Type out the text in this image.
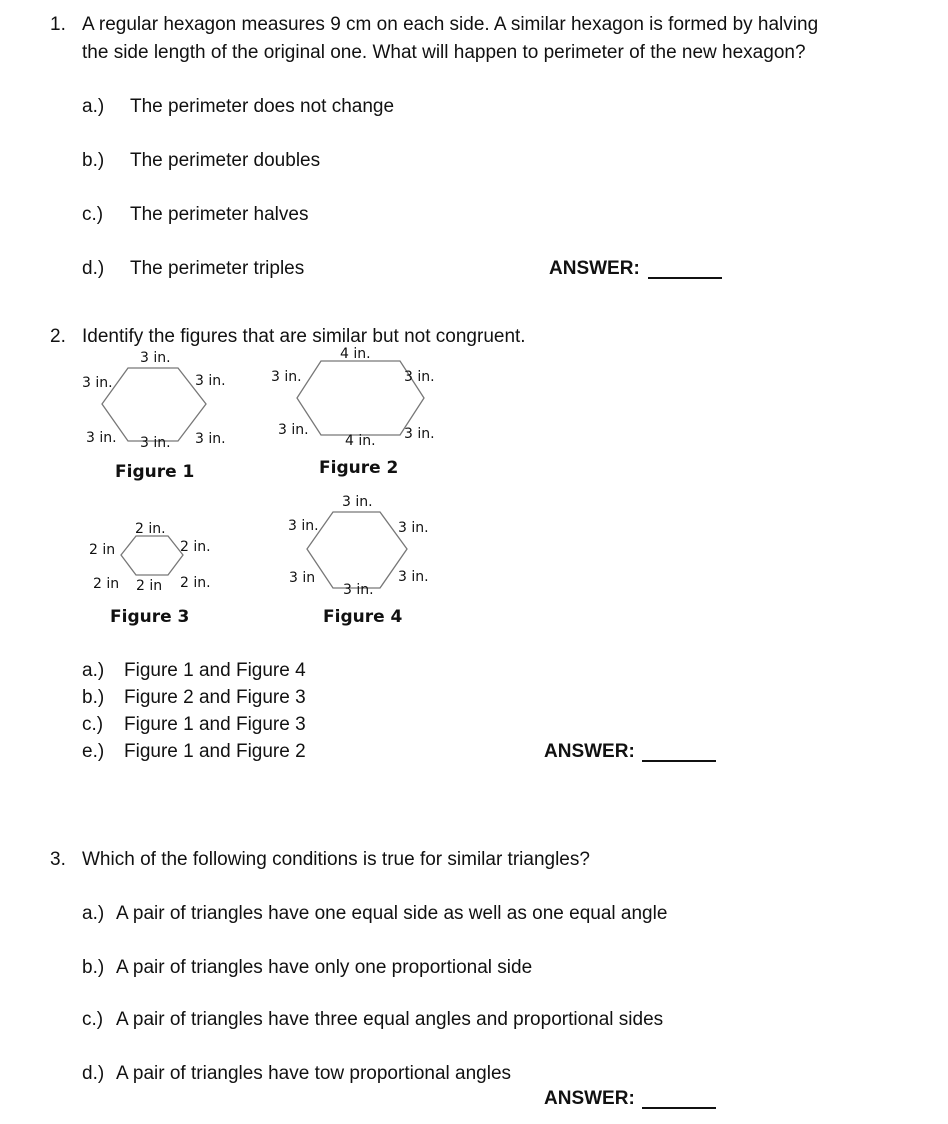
1. A regular hexagon measures 9 cm on each side. A similar hexagon is formed by halving
the side length of the original one. What will happen to perimeter of the new hexagon?
a.) The perimeter does not change
b.) The perimeter doubles
c.) The perimeter halves
d.) The perimeter triples	ANSWER:
2. Identify the figures that are similar but not congruent.
3 in.
3 in.	3 in.
3 in. 3 in. 3 in.
Figure 1
4 in.
3 in.	3 in.
3 in.
4 in. 3 in.
Figure 2
2 in.
2 in	2 in.
2 in 2 in 2 in.
Figure 3
3 in.
3 in.	3 in.
3 in
3 in.
3 in.
Figure 4
a.) Figure 1 and Figure 4
b.) Figure 2 and Figure 3
c.) Figure 1 and Figure 3
e.) Figure 1 and Figure 2	ANSWER:
3. Which of the following conditions is true for similar triangles?
a.) A pair of triangles have one equal side as well as one equal angle
b.) A pair of triangles have only one proportional side
c.) A pair of triangles have three equal angles and proportional sides
d.) A pair of triangles have tow proportional angles
ANSWER:
